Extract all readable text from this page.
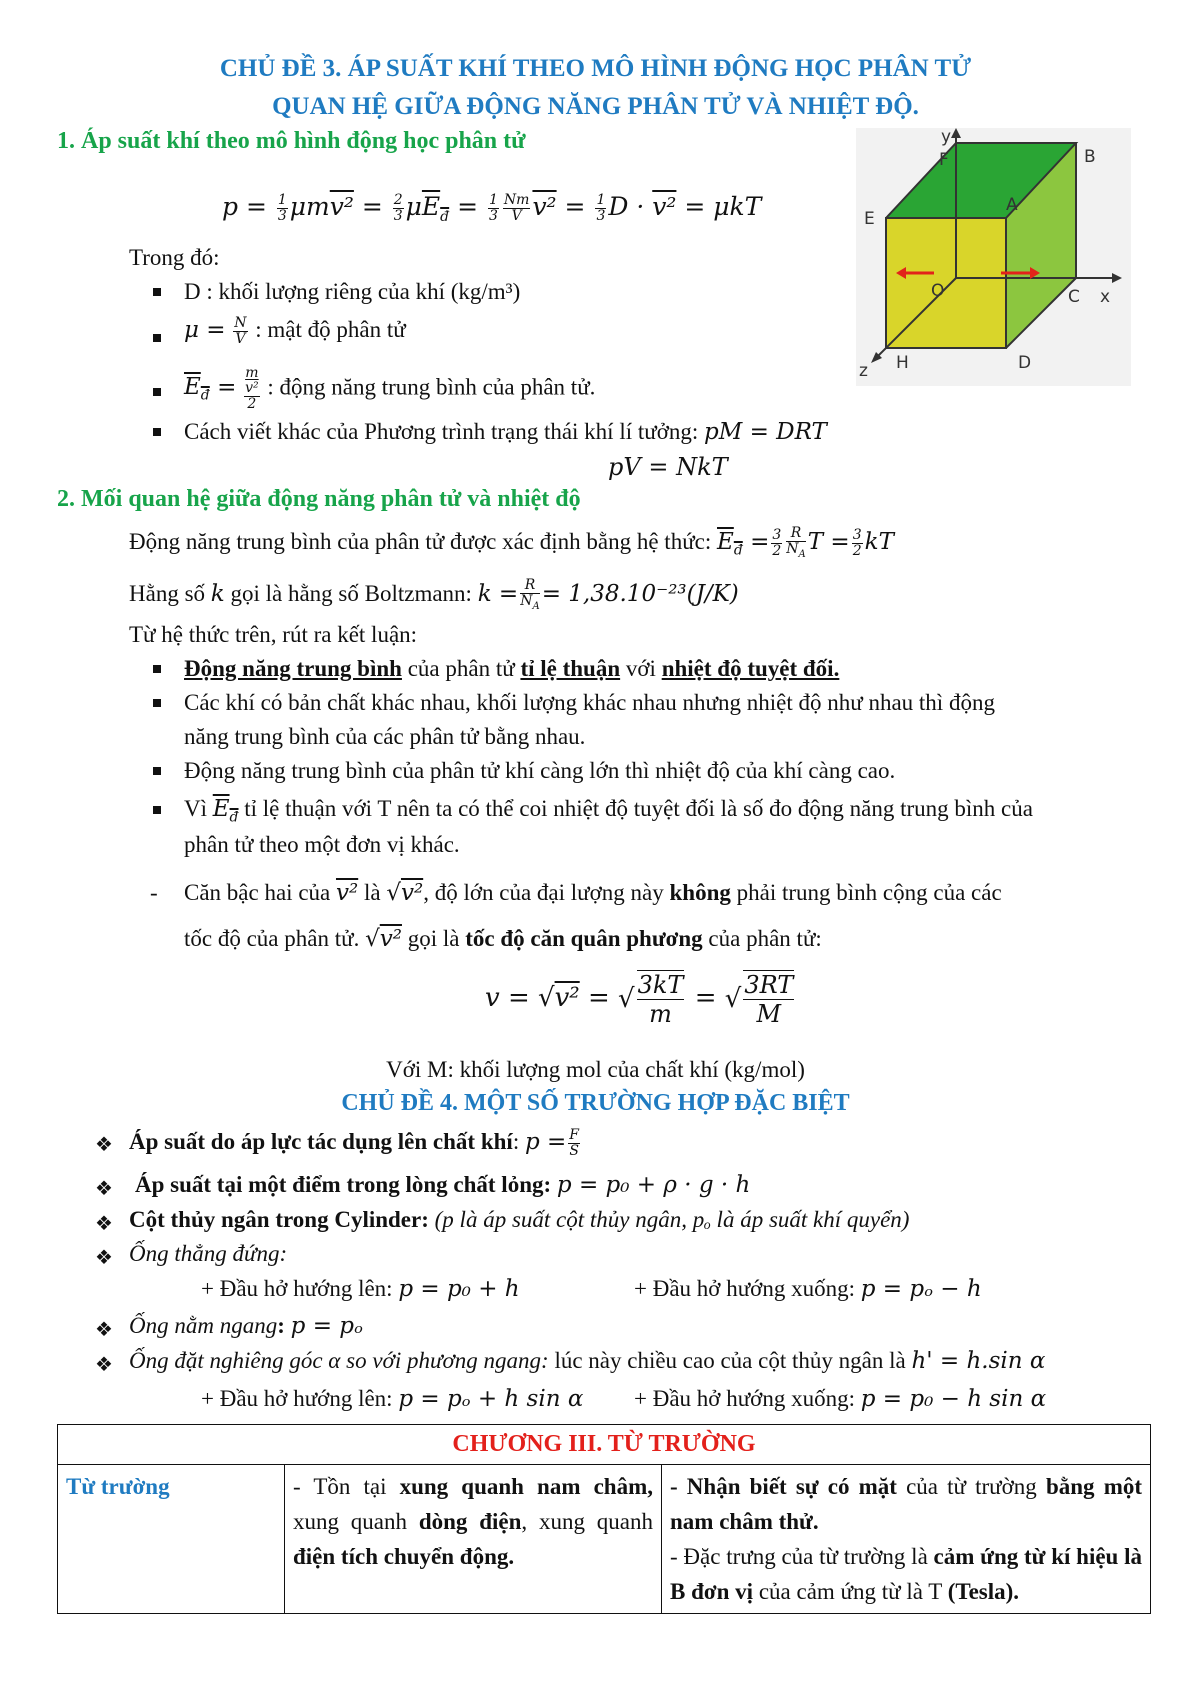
CHỦ ĐỀ 3. ÁP SUẤT KHÍ THEO MÔ HÌNH ĐỘNG HỌC PHÂN TỬ
QUAN HỆ GIỮA ĐỘNG NĂNG PHÂN TỬ VÀ NHIỆT ĐỘ.
1. Áp suất khí theo mô hình động học phân tử
$p = \frac{1}{3} \mu mv^2 = \frac{2}{3} \mu E_đ = \frac{1}{3} \frac{Nm}{V} v^2 = \frac{1}{3}$ D · v² = μkT
Trong đó:
D : khối lượng riêng của khí (kg/m³)
$\mu = \frac{N}{V}$ : mật độ phân tử
$E_đ = m$
v²
2 : động năng trung bình của phân tử.
Cách viết khác của Phương trình trạng thái khí lí tưởng: pM = DRT
pV = NkT
y
F	B
E
A
O	C x
z H	D
2. Mối quan hệ giữa động năng phân tử và nhiệt độ
Động năng trung bình của phân tử được xác định bằng hệ thức: $E_đ = \frac{3}{2} \frac{R}{N_A}$ $T = \frac{3}{2}$ kT
Hằng số k gọi là hằng số Boltzmann: $k = \frac{R}{N_A} = 1,38.10^{-23}(J/K)$
Từ hệ thức trên, rút ra kết luận:
Động năng trung bình của phân tử tỉ lệ thuận với nhiệt độ tuyệt đối.
Các khí có bản chất khác nhau, khối lượng khác nhau nhưng nhiệt độ như nhau thì động
năng trung bình của các phân tử bằng nhau.
Động năng trung bình của phân tử khí càng lớn thì nhiệt độ của khí càng cao.
Vì $E_đ$ tỉ lệ thuận với T nên ta có thể coi nhiệt độ tuyệt đối là số đo động năng trung bình của
phân tử theo một đơn vị khác.
- Căn bậc hai của v² là √v², độ lớn của đại lượng này không phải trung bình cộng của các
tốc độ của phân tử. √v² gọi là tốc độ căn quân phương của phân tử:
v = √v² = √ $\frac{3kT}{m}$ = √ $\frac{3RT}{M}$
Với M: khối lượng mol của chất khí (kg/mol)
CHỦ ĐỀ 4. MỘT SỐ TRƯỜNG HỢP ĐẶC BIỆT
❖ Áp suất do áp lực tác dụng lên chất khí: $p = \frac{F}{S}$
❖ Áp suất tại một điểm trong lòng chất lỏng: p = p₀ + ρ · g · h
❖ Cột thủy ngân trong Cylinder: (p là áp suất cột thủy ngân, pₒ là áp suất khí quyển)
❖ Ống thẳng đứng:
+ Đầu hở hướng lên: p = p₀ + h	+ Đầu hở hướng xuống: p = pₒ − h
❖ Ống nằm ngang: p = pₒ
❖ Ống đặt nghiêng góc α so với phương ngang: lúc này chiều cao của cột thủy ngân là h' = h.sin α
+ Đầu hở hướng lên: p = pₒ + h sin α + Đầu hở hướng xuống: p = p₀ − h sin α
CHƯƠNG III. TỪ TRƯỜNG
Từ trường	- Tồn tại xung quanh nam châm, xung quanh dòng điện, xung quanh điện tích chuyển động.	- Nhận biết sự có mặt của từ trường bằng một nam châm thử.
- Đặc trưng của từ trường là cảm ứng từ kí hiệu là B đơn vị của cảm ứng từ là T (Tesla).
